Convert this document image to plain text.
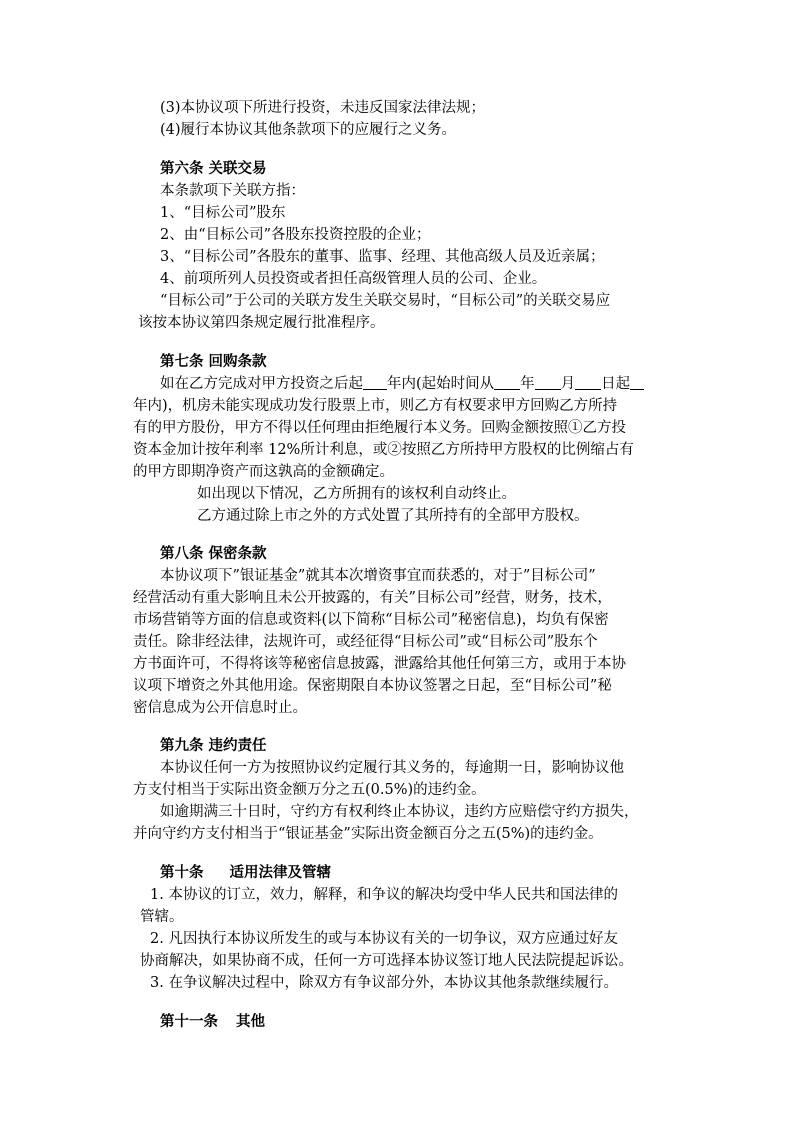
(3)本协议项下所进行投资，未违反国家法律法规；
(4)履行本协议其他条款项下的应履行之义务。
第六条 关联交易
本条款项下关联方指：
1、“目标公司”股东
2、由“目标公司”各股东投资控股的企业；
3、“目标公司”各股东的董事、监事、经理、其他高级人员及近亲属；
4、前项所列人员投资或者担任高级管理人员的公司、企业。
“目标公司”于公司的关联方发生关联交易时，“目标公司”的关联交易应
该按本协议第四条规定履行批准程序。
第七条 回购条款
如在乙方完成对甲方投资之后起 年内(起始时间从 年 月 日起
年内)，机房未能实现成功发行股票上市，则乙方有权要求甲方回购乙方所持
有的甲方股份，甲方不得以任何理由拒绝履行本义务。回购金额按照①乙方投
资本金加计按年利率 12%所计利息，或②按照乙方所持甲方股权的比例缩占有
的甲方即期净资产而这孰高的金额确定。
如出现以下情况，乙方所拥有的该权利自动终止。
乙方通过除上市之外的方式处置了其所持有的全部甲方股权。
第八条 保密条款
本协议项下”银证基金”就其本次增资事宜而获悉的，对于”目标公司”
经营活动有重大影响且未公开披露的，有关”目标公司”经营，财务，技术，
市场营销等方面的信息或资料(以下简称“目标公司”秘密信息)，均负有保密
责任。除非经法律，法规许可，或经征得“目标公司”或“目标公司”股东个
方书面许可，不得将该等秘密信息披露，泄露给其他任何第三方，或用于本协
议项下增资之外其他用途。保密期限自本协议签署之日起，至“目标公司”秘
密信息成为公开信息时止。
第九条 违约责任
本协议任何一方为按照协议约定履行其义务的，每逾期一日，影响协议他
方支付相当于实际出资金额万分之五(0.5%)的违约金。
如逾期满三十日时，守约方有权利终止本协议，违约方应赔偿守约方损失，
并向守约方支付相当于“银证基金”实际出资金额百分之五(5%)的违约金。
第十条 适用法律及管辖
1. 本协议的订立，效力，解释，和争议的解决均受中华人民共和国法律的
管辖。
2. 凡因执行本协议所发生的或与本协议有关的一切争议，双方应通过好友
协商解决，如果协商不成，任何一方可选择本协议签订地人民法院提起诉讼。
3. 在争议解决过程中，除双方有争议部分外，本协议其他条款继续履行。
第十一条 其他
